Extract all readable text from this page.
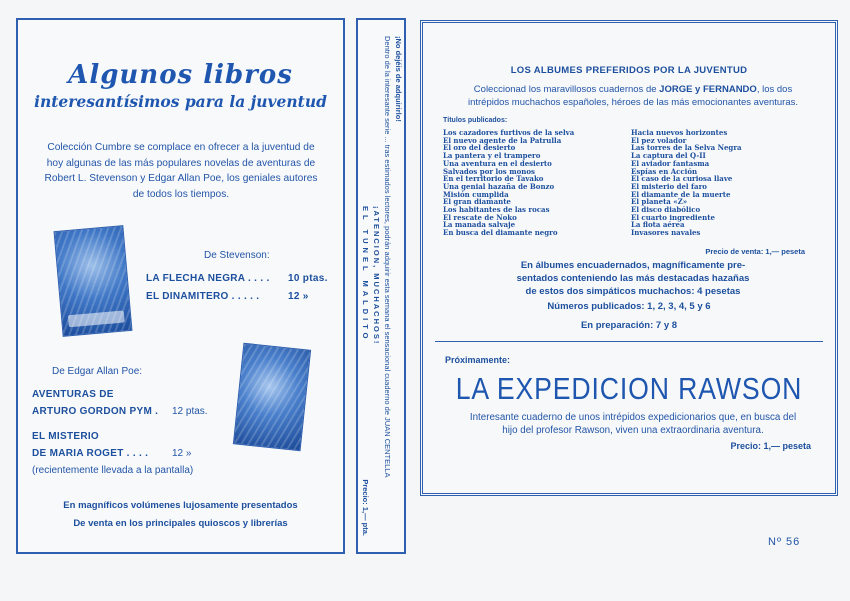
Algunos libros
interesantísimos para la juventud
Colección Cumbre se complace en ofrecer a la juventud de
hoy algunas de las más populares novelas de aventuras de
Robert L. Stevenson y Edgar Allan Poe, los geniales autores
de todos los tiempos.
De Stevenson:
LA FLECHA NEGRA . . . . 10 ptas.
EL DINAMITERO . . . . .	12 »
De Edgar Allan Poe:
AVENTURAS DE
ARTURO GORDON PYM . 12 ptas.
EL MISTERIO
DE MARIA ROGET . . . . 12 »
(recientemente llevada a la pantalla)
En magníficos volúmenes lujosamente presentados
De venta en los principales quioscos y librerías
¡No dejéis de adquirirlo!
Dentro de la interesante serie ... tras estimados lectores, podrán adquirir esta semana el sensacional cuaderno de JUAN CENTELLA
¡ATENCION, MUCHACHOS!
EL TUNEL MALDITO
Precio: 1,— pta.
LOS ALBUMES PREFERIDOS POR LA JUVENTUD
Coleccionad los maravillosos cuadernos de JORGE y FERNANDO, los dos
intrépidos muchachos españoles, héroes de las más emocionantes aventuras.
Títulos publicados:
Los cazadores furtivos de la selva
El nuevo agente de la Patrulla
El oro del desierto
La pantera y el trampero
Una aventura en el desierto
Salvados por los monos
En el territorio de Tavako
Una genial hazaña de Bonzo
Misión cumplida
El gran diamante
Los habitantes de las rocas
El rescate de Noko
La manada salvaje
En busca del diamante negro
Hacia nuevos horizontes
El pez volador
Las torres de la Selva Negra
La captura del Q-II
El aviador fantasma
Espías en Acción
El caso de la curiosa llave
El misterio del faro
El diamante de la muerte
El planeta «Z»
El disco diabólico
El cuarto ingrediente
La flota aérea
Invasores navales
Precio de venta: 1,— peseta
En álbumes encuadernados, magníficamente pre-
sentados conteniendo las más destacadas hazañas
de estos dos simpáticos muchachos: 4 pesetas
Números publicados: 1, 2, 3, 4, 5 y 6
En preparación: 7 y 8
Próximamente:
LA EXPEDICION RAWSON
Interesante cuaderno de unos intrépidos expedicionarios que, en busca del
hijo del profesor Rawson, viven una extraordinaria aventura.
Precio: 1,— peseta
Nº 56
